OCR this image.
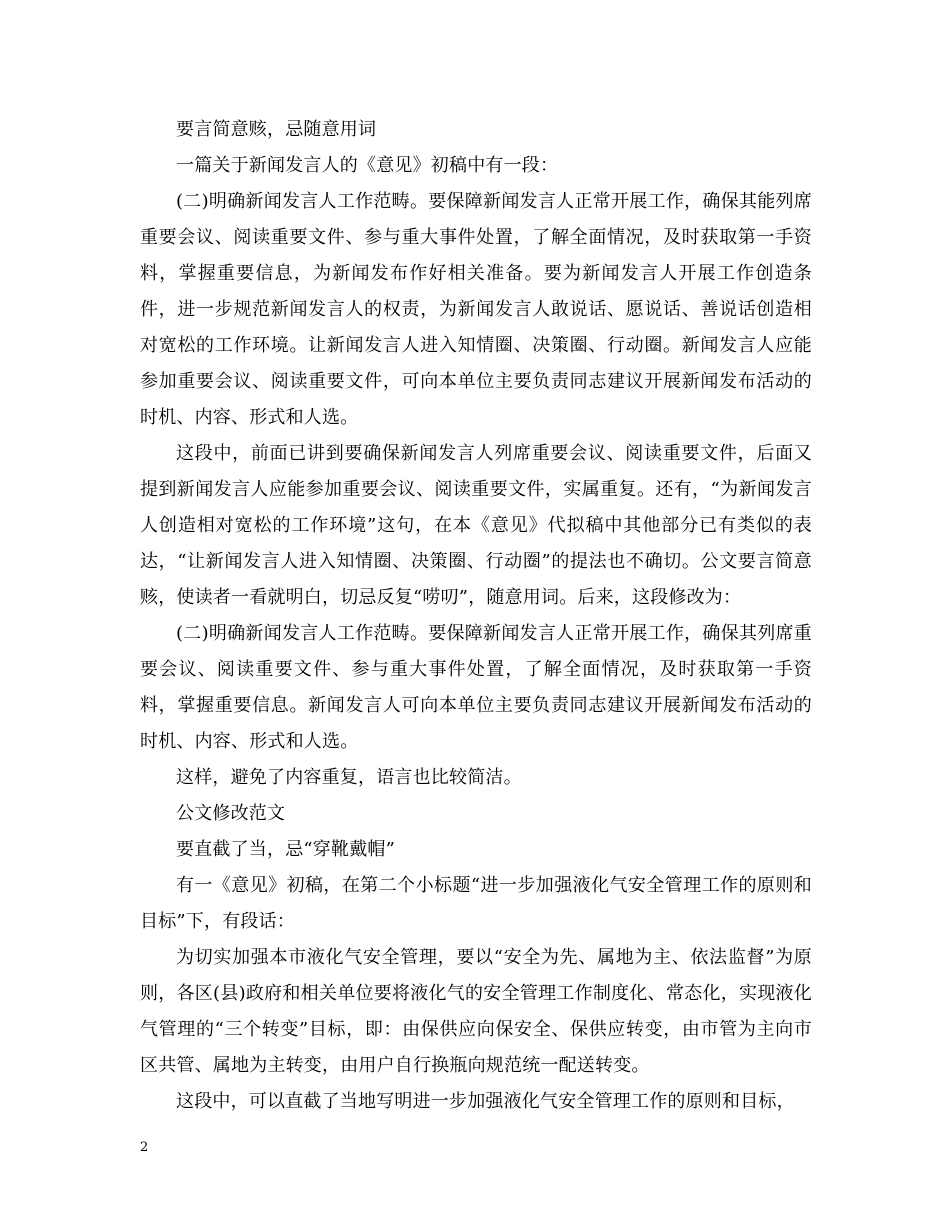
要言简意赅，忌随意用词

一篇关于新闻发言人的《意见》初稿中有一段：

(二)明确新闻发言人工作范畴。要保障新闻发言人正常开展工作，确保其能列席重要会议、阅读重要文件、参与重大事件处置，了解全面情况，及时获取第一手资料，掌握重要信息，为新闻发布作好相关准备。要为新闻发言人开展工作创造条件，进一步规范新闻发言人的权责，为新闻发言人敢说话、愿说话、善说话创造相对宽松的工作环境。让新闻发言人进入知情圈、决策圈、行动圈。新闻发言人应能参加重要会议、阅读重要文件，可向本单位主要负责同志建议开展新闻发布活动的时机、内容、形式和人选。

这段中，前面已讲到要确保新闻发言人列席重要会议、阅读重要文件，后面又提到新闻发言人应能参加重要会议、阅读重要文件，实属重复。还有，“为新闻发言人创造相对宽松的工作环境”这句，在本《意见》代拟稿中其他部分已有类似的表达，“让新闻发言人进入知情圈、决策圈、行动圈”的提法也不确切。公文要言简意赅，使读者一看就明白，切忌反复“唠叨”，随意用词。后来，这段修改为：

(二)明确新闻发言人工作范畴。要保障新闻发言人正常开展工作，确保其列席重要会议、阅读重要文件、参与重大事件处置，了解全面情况，及时获取第一手资料，掌握重要信息。新闻发言人可向本单位主要负责同志建议开展新闻发布活动的时机、内容、形式和人选。

这样，避免了内容重复，语言也比较简洁。

公文修改范文

要直截了当，忌“穿靴戴帽”

有一《意见》初稿，在第二个小标题“进一步加强液化气安全管理工作的原则和目标”下，有段话：

为切实加强本市液化气安全管理，要以“安全为先、属地为主、依法监督”为原则，各区(县)政府和相关单位要将液化气的安全管理工作制度化、常态化，实现液化气管理的“三个转变”目标，即：由保供应向保安全、保供应转变，由市管为主向市区共管、属地为主转变，由用户自行换瓶向规范统一配送转变。

这段中，可以直截了当地写明进一步加强液化气安全管理工作的原则和目标，

2
